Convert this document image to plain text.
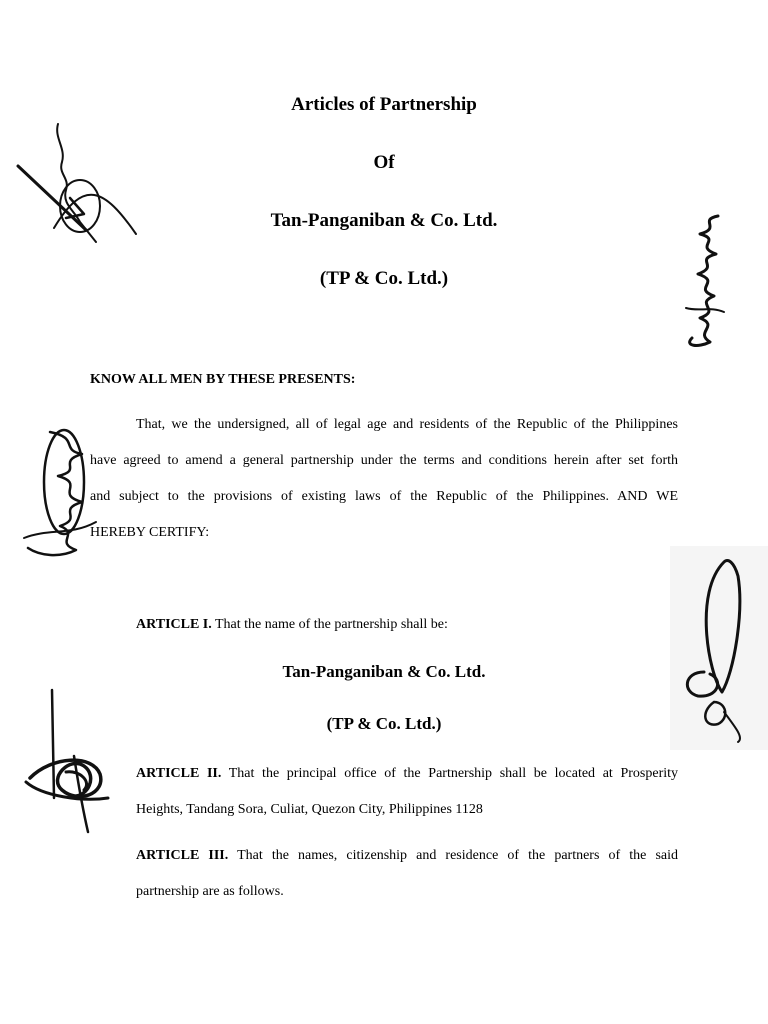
Articles of Partnership

Of

Tan-Panganiban & Co. Ltd.

(TP & Co. Ltd.)

KNOW ALL MEN BY THESE PRESENTS:

That, we the undersigned, all of legal age and residents of the Republic of the Philippines

have agreed to amend a general partnership under the terms and conditions herein after set forth

and subject to the provisions of existing laws of the Republic of the Philippines. AND WE

HEREBY CERTIFY:

ARTICLE I. That the name of the partnership shall be:

Tan-Panganiban & Co. Ltd.

(TP & Co. Ltd.)

ARTICLE II. That the principal office of the Partnership shall be located at Prosperity

Heights, Tandang Sora, Culiat, Quezon City, Philippines 1128

ARTICLE III. That the names, citizenship and residence of the partners of the said

partnership are as follows.
